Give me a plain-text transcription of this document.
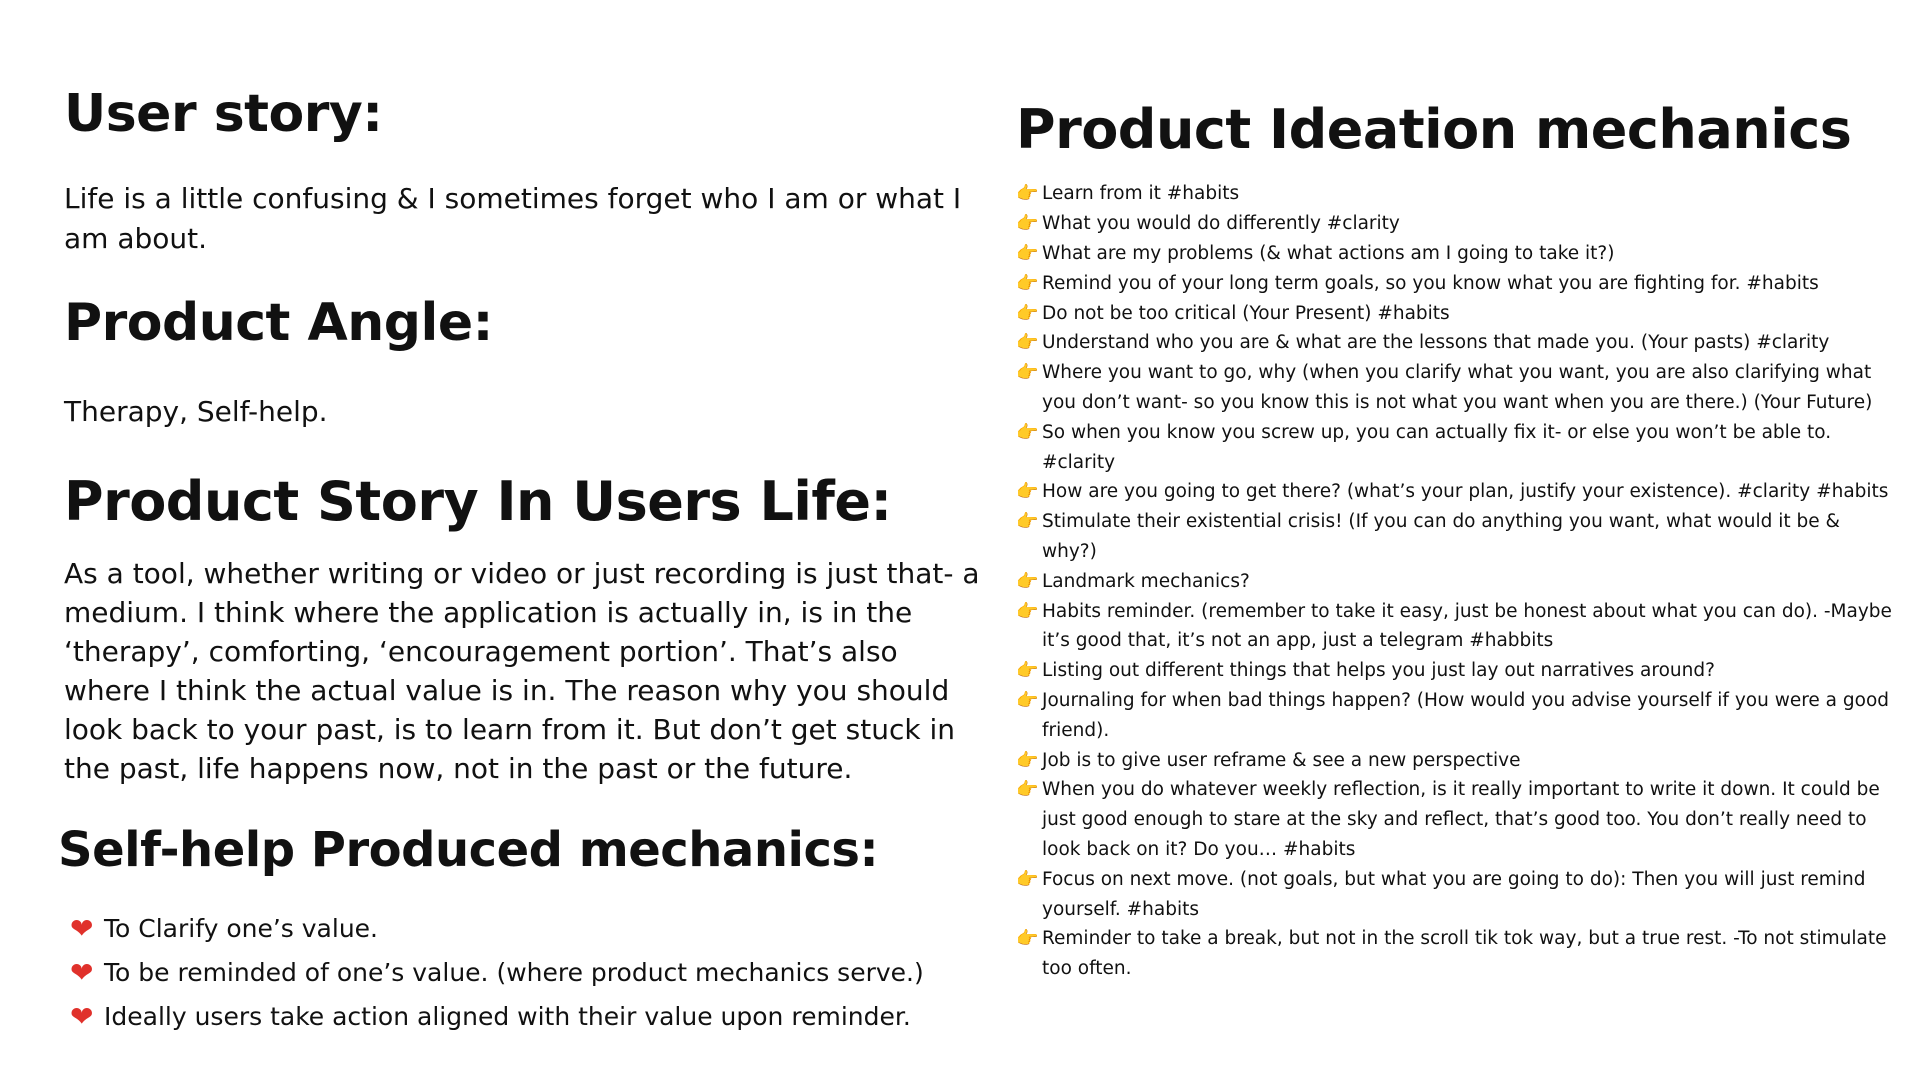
User story:

Life is a little confusing & I sometimes forget who I am or what I am about.

Product Angle:

Therapy, Self-help.

Product Story In Users Life:

As a tool, whether writing or video or just recording is just that- a medium. I think where the application is actually in, is in the ‘therapy’, comforting, ‘encouragement portion’. That’s also where I think the actual value is in. The reason why you should look back to your past, is to learn from it. But don’t get stuck in the past, life happens now, not in the past or the future.

Self-help Produced mechanics:
❤ To Clarify one’s value.
❤ To be reminded of one’s value. (where product mechanics serve.)
❤ Ideally users take action aligned with their value upon reminder.
Product Ideation mechanics
👉 Learn from it #habits
👉 What you would do differently #clarity
👉 What are my problems (& what actions am I going to take it?)
👉 Remind you of your long term goals, so you know what you are fighting for. #habits
👉 Do not be too critical (Your Present) #habits
👉 Understand who you are & what are the lessons that made you. (Your pasts) #clarity
👉 Where you want to go, why (when you clarify what you want, you are also clarifying what you don’t want- so you know this is not what you want when you are there.) (Your Future)
👉 So when you know you screw up, you can actually fix it- or else you won’t be able to. #clarity
👉 How are you going to get there? (what’s your plan, justify your existence). #clarity #habits
👉 Stimulate their existential crisis! (If you can do anything you want, what would it be & why?)
👉 Landmark mechanics?
👉 Habits reminder. (remember to take it easy, just be honest about what you can do). -Maybe it’s good that, it’s not an app, just a telegram #habbits
👉 Listing out different things that helps you just lay out narratives around?
👉 Journaling for when bad things happen? (How would you advise yourself if you were a good friend).
👉 Job is to give user reframe & see a new perspective
👉 When you do whatever weekly reflection, is it really important to write it down. It could be just good enough to stare at the sky and reflect, that’s good too. You don’t really need to look back on it? Do you… #habits
👉 Focus on next move. (not goals, but what you are going to do): Then you will just remind yourself. #habits
👉 Reminder to take a break, but not in the scroll tik tok way, but a true rest. -To not stimulate too often.
